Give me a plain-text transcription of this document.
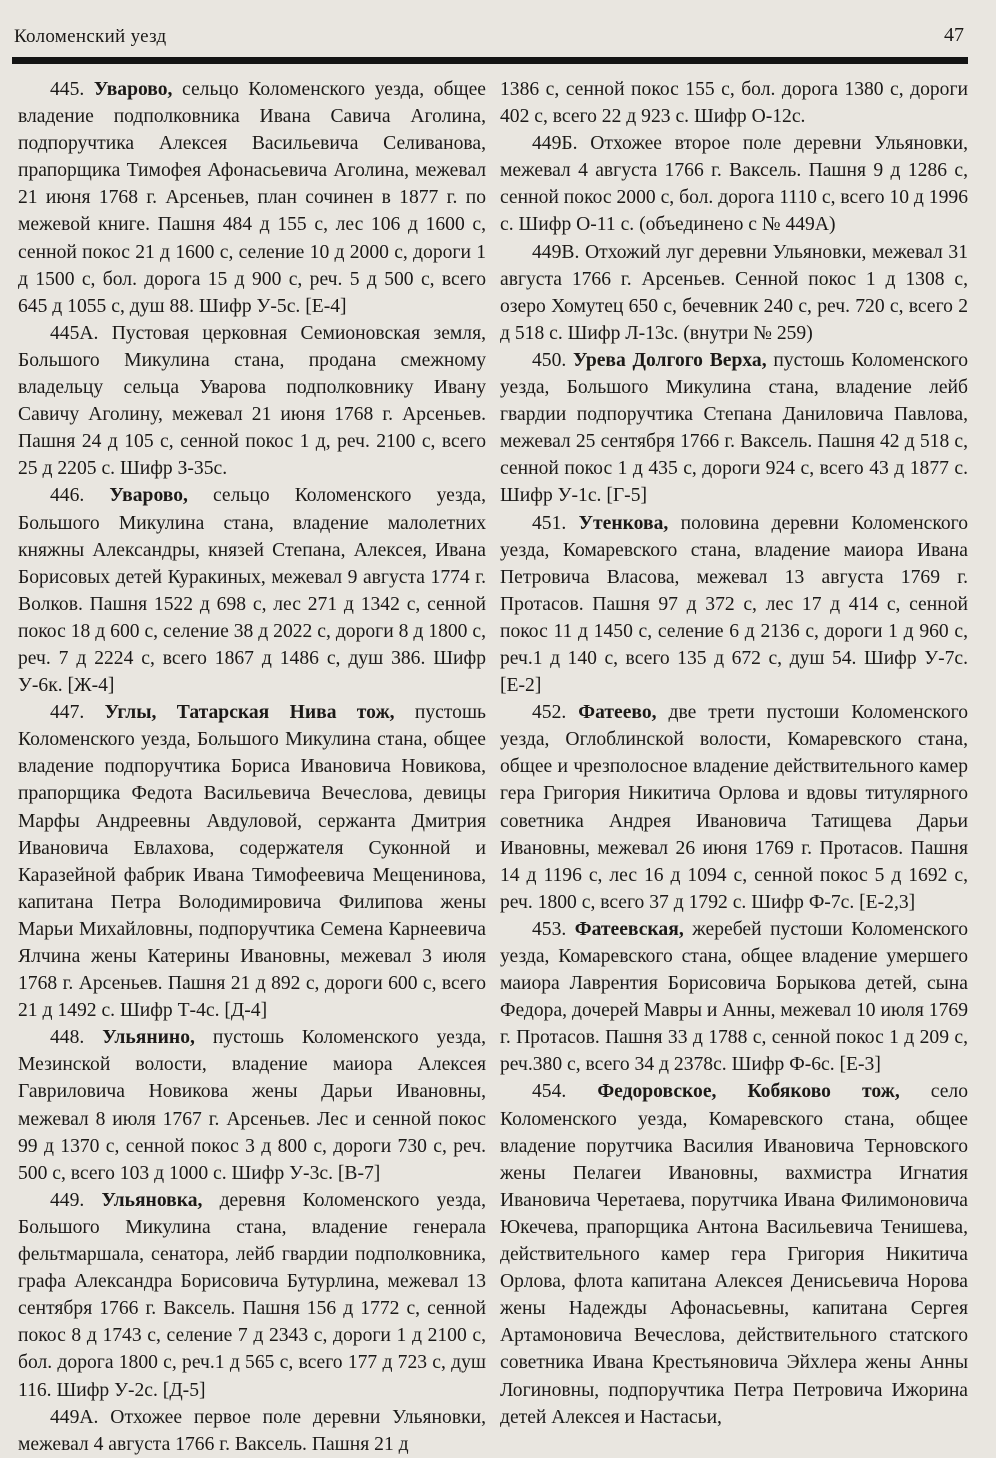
Коломенский уезд	47

445. Уварово, сельцо Коломенского уезда, общее владение подполковника Ивана Савича Аголина, подпоручтика Алексея Васильевича Селиванова, прапорщика Тимофея Афонасьевича Аголина, межевал 21 июня 1768 г. Арсеньев, план сочинен в 1877 г. по межевой книге. Пашня 484 д 155 с, лес 106 д 1600 с, сенной покос 21 д 1600 с, селение 10 д 2000 с, дороги 1 д 1500 с, бол. дорога 15 д 900 с, реч. 5 д 500 с, всего 645 д 1055 с, душ 88. Шифр У-5с. [Е-4]

445А. Пустовая церковная Семионовская земля, Большого Микулина стана, продана смежному владельцу сельца Уварова подполковнику Ивану Савичу Аголину, межевал 21 июня 1768 г. Арсеньев. Пашня 24 д 105 с, сенной покос 1 д, реч. 2100 с, всего 25 д 2205 с. Шифр З-35с.

446. Уварово, сельцо Коломенского уезда, Большого Микулина стана, владение малолетних княжны Александры, князей Степана, Алексея, Ивана Борисовых детей Куракиных, межевал 9 августа 1774 г. Волков. Пашня 1522 д 698 с, лес 271 д 1342 с, сенной покос 18 д 600 с, селение 38 д 2022 с, дороги 8 д 1800 с, реч. 7 д 2224 с, всего 1867 д 1486 с, душ 386. Шифр У-6к. [Ж-4]

447. Углы, Татарская Нива тож, пустошь Коломенского уезда, Большого Микулина стана, общее владение подпоручтика Бориса Ивановича Новикова, прапорщика Федота Васильевича Вечеслова, девицы Марфы Андреевны Авдуловой, сержанта Дмитрия Ивановича Евлахова, содержателя Суконной и Каразейной фабрик Ивана Тимофеевича Мещенинова, капитана Петра Володимировича Филипова жены Марьи Михайловны, подпоручтика Семена Карнеевича Ялчина жены Катерины Ивановны, межевал 3 июля 1768 г. Арсеньев. Пашня 21 д 892 с, дороги 600 с, всего 21 д 1492 с. Шифр Т-4с. [Д-4]

448. Ульянино, пустошь Коломенского уезда, Мезинской волости, владение маиора Алексея Гавриловича Новикова жены Дарьи Ивановны, межевал 8 июля 1767 г. Арсеньев. Лес и сенной покос 99 д 1370 с, сенной покос 3 д 800 с, дороги 730 с, реч. 500 с, всего 103 д 1000 с. Шифр У-3с. [В-7]

449. Ульяновка, деревня Коломенского уезда, Большого Микулина стана, владение генерала фельтмаршала, сенатора, лейб гвардии подполковника, графа Александра Борисовича Бутурлина, межевал 13 сентября 1766 г. Ваксель. Пашня 156 д 1772 с, сенной покос 8 д 1743 с, селение 7 д 2343 с, дороги 1 д 2100 с, бол. дорога 1800 с, реч.1 д 565 с, всего 177 д 723 с, душ 116. Шифр У-2с. [Д-5]

449А. Отхожее первое поле деревни Ульяновки, межевал 4 августа 1766 г. Ваксель. Пашня 21 д

1386 с, сенной покос 155 с, бол. дорога 1380 с, дороги 402 с, всего 22 д 923 с. Шифр О-12с.

449Б. Отхожее второе поле деревни Ульяновки, межевал 4 августа 1766 г. Ваксель. Пашня 9 д 1286 с, сенной покос 2000 с, бол. дорога 1110 с, всего 10 д 1996 с. Шифр О-11 с. (объединено с № 449А)

449В. Отхожий луг деревни Ульяновки, межевал 31 августа 1766 г. Арсеньев. Сенной покос 1 д 1308 с, озеро Хомутец 650 с, бечевник 240 с, реч. 720 с, всего 2 д 518 с. Шифр Л-13с. (внутри № 259)

450. Урева Долгого Верха, пустошь Коломенского уезда, Большого Микулина стана, владение лейб гвардии подпоручтика Степана Даниловича Павлова, межевал 25 сентября 1766 г. Ваксель. Пашня 42 д 518 с, сенной покос 1 д 435 с, дороги 924 с, всего 43 д 1877 с. Шифр У-1с. [Г-5]

451. Утенкова, половина деревни Коломенского уезда, Комаревского стана, владение маиора Ивана Петровича Власова, межевал 13 августа 1769 г. Протасов. Пашня 97 д 372 с, лес 17 д 414 с, сенной покос 11 д 1450 с, селение 6 д 2136 с, дороги 1 д 960 с, реч.1 д 140 с, всего 135 д 672 с, душ 54. Шифр У-7с. [Е-2]

452. Фатеево, две трети пустоши Коломенского уезда, Оглоблинской волости, Комаревского стана, общее и чрезполосное владение действительного камер гера Григория Никитича Орлова и вдовы титулярного советника Андрея Ивановича Татищева Дарьи Ивановны, межевал 26 июня 1769 г. Протасов. Пашня 14 д 1196 с, лес 16 д 1094 с, сенной покос 5 д 1692 с, реч. 1800 с, всего 37 д 1792 с. Шифр Ф-7с. [Е-2,3]

453. Фатеевская, жеребей пустоши Коломенского уезда, Комаревского стана, общее владение умершего маиора Лаврентия Борисовича Борыкова детей, сына Федора, дочерей Мавры и Анны, межевал 10 июля 1769 г. Протасов. Пашня 33 д 1788 с, сенной покос 1 д 209 с, реч.380 с, всего 34 д 2378с. Шифр Ф-6с. [Е-3]

454. Федоровское, Кобяково тож, село Коломенского уезда, Комаревского стана, общее владение порутчика Василия Ивановича Терновского жены Пелагеи Ивановны, вахмистра Игнатия Ивановича Черетаева, порутчика Ивана Филимоновича Юкечева, прапорщика Антона Васильевича Тенишева, действительного камер гера Григория Никитича Орлова, флота капитана Алексея Денисьевича Норова жены Надежды Афонасьевны, капитана Сергея Артамоновича Вечеслова, действительного статского советника Ивана Крестьяновича Эйхлера жены Анны Логиновны, подпоручтика Петра Петровича Ижорина детей Алексея и Настасьи,
